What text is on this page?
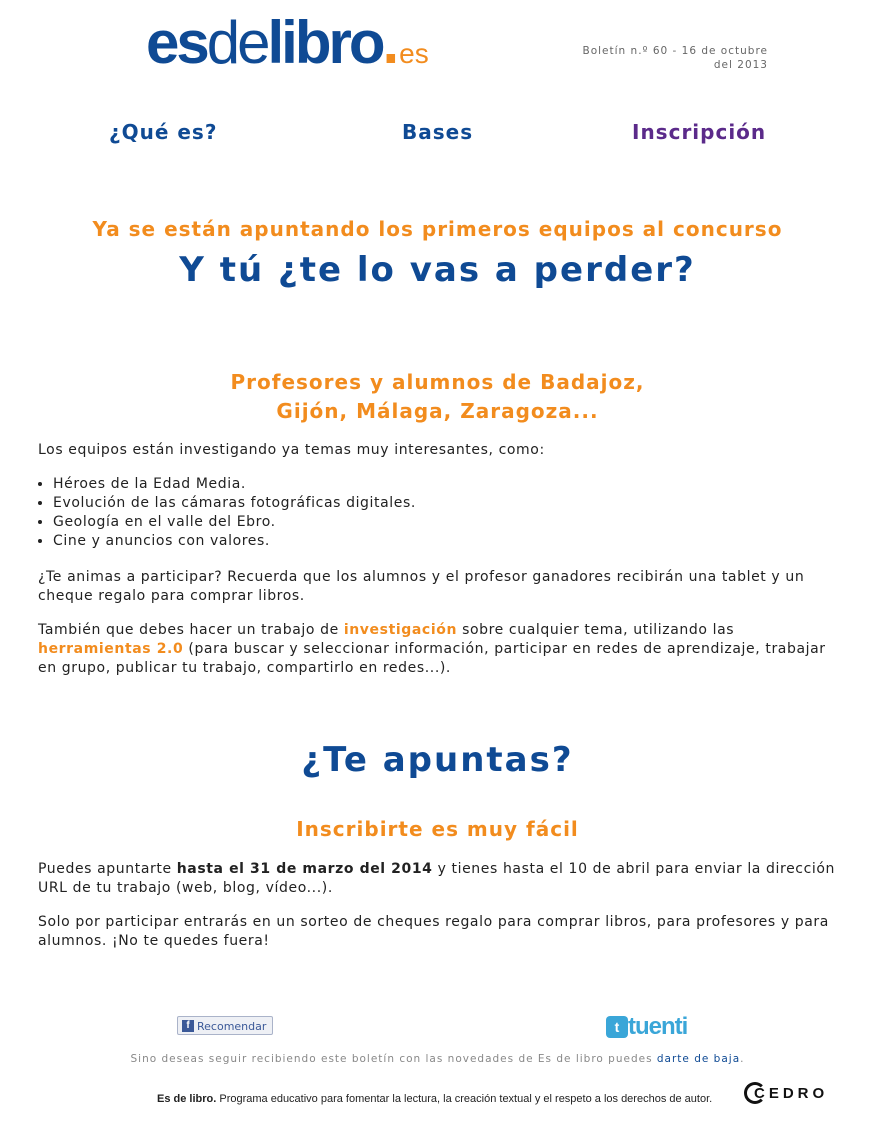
esdelibro.es	Boletín n.º 60 - 16 de octubre
del 2013
¿Qué es?	Bases	Inscripción
Ya se están apuntando los primeros equipos al concurso
Y tú ¿te lo vas a perder?
Profesores y alumnos de Badajoz,
Gijón, Málaga, Zaragoza...

Los equipos están investigando ya temas muy interesantes, como:

• Héroes de la Edad Media.
• Evolución de las cámaras fotográficas digitales.
• Geología en el valle del Ebro.
• Cine y anuncios con valores.

¿Te animas a participar? Recuerda que los alumnos y el profesor ganadores recibirán una tablet y un cheque regalo para comprar libros.

También que debes hacer un trabajo de investigación sobre cualquier tema, utilizando las herramientas 2.0 (para buscar y seleccionar información, participar en redes de aprendizaje, trabajar en grupo, publicar tu trabajo, compartirlo en redes...).

¿Te apuntas?
Inscribirte es muy fácil

Puedes apuntarte hasta el 31 de marzo del 2014 y tienes hasta el 10 de abril para enviar la dirección URL de tu trabajo (web, blog, vídeo...).

Solo por participar entrarás en un sorteo de cheques regalo para comprar libros, para profesores y para alumnos. ¡No te quedes fuera!

f Recomendar	t tuenti
Sino deseas seguir recibiendo este boletín con las novedades de Es de libro puedes darte de baja.
Es de libro. Programa educativo para fomentar la lectura, la creación textual y el respeto a los derechos de autor.	CEDRO
